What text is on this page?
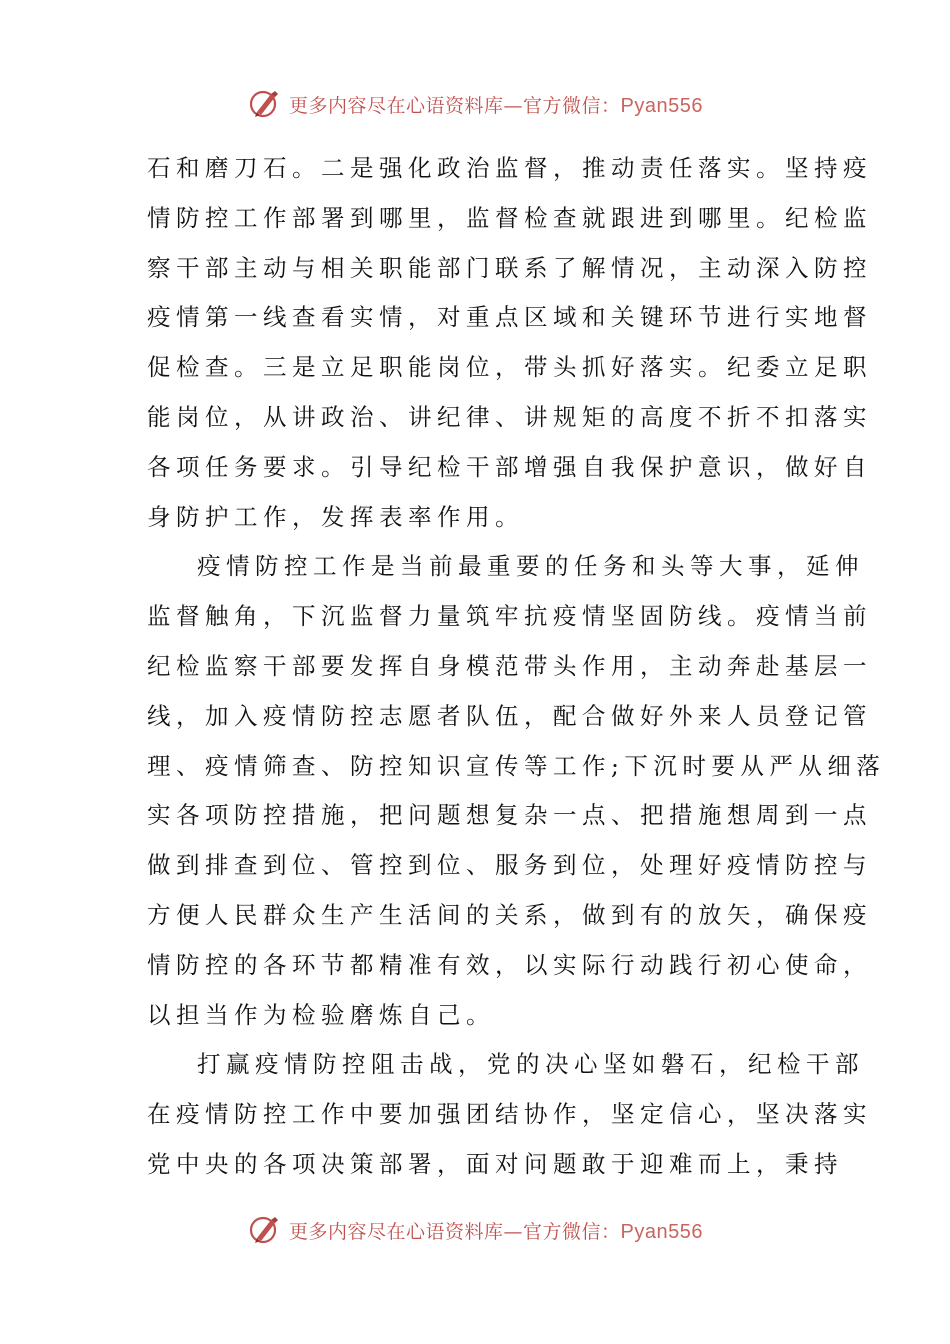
更多内容尽在心语资料库—官方微信：Pyan556
石和磨刀石。二是强化政治监督，推动责任落实。坚持疫
情防控工作部署到哪里，监督检查就跟进到哪里。纪检监
察干部主动与相关职能部门联系了解情况，主动深入防控
疫情第一线查看实情，对重点区域和关键环节进行实地督
促检查。三是立足职能岗位，带头抓好落实。纪委立足职
能岗位，从讲政治、讲纪律、讲规矩的高度不折不扣落实
各项任务要求。引导纪检干部增强自我保护意识，做好自
身防护工作，发挥表率作用。
疫情防控工作是当前最重要的任务和头等大事，延伸
监督触角，下沉监督力量筑牢抗疫情坚固防线。疫情当前
纪检监察干部要发挥自身模范带头作用，主动奔赴基层一
线，加入疫情防控志愿者队伍，配合做好外来人员登记管
理、疫情筛查、防控知识宣传等工作;下沉时要从严从细落
实各项防控措施，把问题想复杂一点、把措施想周到一点
做到排查到位、管控到位、服务到位，处理好疫情防控与
方便人民群众生产生活间的关系，做到有的放矢，确保疫
情防控的各环节都精准有效，以实际行动践行初心使命，
以担当作为检验磨炼自己。
打赢疫情防控阻击战，党的决心坚如磐石，纪检干部
在疫情防控工作中要加强团结协作，坚定信心，坚决落实
党中央的各项决策部署，面对问题敢于迎难而上，秉持
更多内容尽在心语资料库—官方微信：Pyan556
